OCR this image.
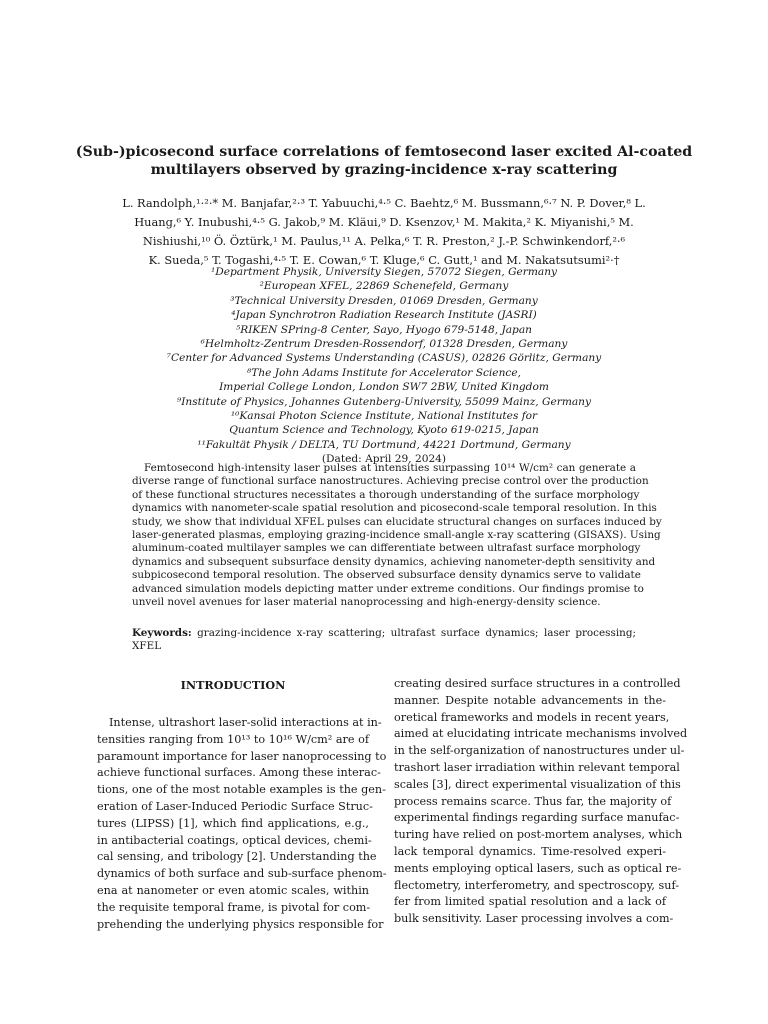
(Sub-)picosecond surface correlations of femtosecond laser excited Al-coated
multilayers observed by grazing-incidence x-ray scattering
L. Randolph,¹·²·* M. Banjafar,²·³ T. Yabuuchi,⁴·⁵ C. Baehtz,⁶ M. Bussmann,⁶·⁷ N. P. Dover,⁸ L.
Huang,⁶ Y. Inubushi,⁴·⁵ G. Jakob,⁹ M. Kläui,⁹ D. Ksenzov,¹ M. Makita,² K. Miyanishi,⁵ M.
Nishiushi,¹⁰ Ö. Öztürk,¹ M. Paulus,¹¹ A. Pelka,⁶ T. R. Preston,² J.-P. Schwinkendorf,²·⁶
K. Sueda,⁵ T. Togashi,⁴·⁵ T. E. Cowan,⁶ T. Kluge,⁶ C. Gutt,¹ and M. Nakatsutsumi²·†
¹Department Physik, University Siegen, 57072 Siegen, Germany
²European XFEL, 22869 Schenefeld, Germany
³Technical University Dresden, 01069 Dresden, Germany
⁴Japan Synchrotron Radiation Research Institute (JASRI)
⁵RIKEN SPring-8 Center, Sayo, Hyogo 679-5148, Japan
⁶Helmholtz-Zentrum Dresden-Rossendorf, 01328 Dresden, Germany
⁷Center for Advanced Systems Understanding (CASUS), 02826 Görlitz, Germany
⁸The John Adams Institute for Accelerator Science,
Imperial College London, London SW7 2BW, United Kingdom
⁹Institute of Physics, Johannes Gutenberg-University, 55099 Mainz, Germany
¹⁰Kansai Photon Science Institute, National Institutes for
Quantum Science and Technology, Kyoto 619-0215, Japan
¹¹Fakultät Physik / DELTA, TU Dortmund, 44221 Dortmund, Germany
(Dated: April 29, 2024)
Femtosecond high-intensity laser pulses at intensities surpassing 10¹⁴ W/cm² can generate a
diverse range of functional surface nanostructures. Achieving precise control over the production
of these functional structures necessitates a thorough understanding of the surface morphology
dynamics with nanometer-scale spatial resolution and picosecond-scale temporal resolution. In this
study, we show that individual XFEL pulses can elucidate structural changes on surfaces induced by
laser-generated plasmas, employing grazing-incidence small-angle x-ray scattering (GISAXS). Using
aluminum-coated multilayer samples we can differentiate between ultrafast surface morphology
dynamics and subsequent subsurface density dynamics, achieving nanometer-depth sensitivity and
subpicosecond temporal resolution. The observed subsurface density dynamics serve to validate
advanced simulation models depicting matter under extreme conditions. Our findings promise to
unveil novel avenues for laser material nanoprocessing and high-energy-density science.
Keywords: grazing-incidence x-ray scattering; ultrafast surface dynamics; laser processing;
XFEL
INTRODUCTION
Intense, ultrashort laser-solid interactions at in-
tensities ranging from 10¹³ to 10¹⁶ W/cm² are of
paramount importance for laser nanoprocessing to
achieve functional surfaces. Among these interac-
tions, one of the most notable examples is the gen-
eration of Laser-Induced Periodic Surface Struc-
tures (LIPSS) [1], which find applications, e.g.,
in antibacterial coatings, optical devices, chemi-
cal sensing, and tribology [2]. Understanding the
dynamics of both surface and sub-surface phenom-
ena at nanometer or even atomic scales, within
the requisite temporal frame, is pivotal for com-
prehending the underlying physics responsible for
creating desired surface structures in a controlled
manner. Despite notable advancements in the-
oretical frameworks and models in recent years,
aimed at elucidating intricate mechanisms involved
in the self-organization of nanostructures under ul-
trashort laser irradiation within relevant temporal
scales [3], direct experimental visualization of this
process remains scarce. Thus far, the majority of
experimental findings regarding surface manufac-
turing have relied on post-mortem analyses, which
lack temporal dynamics. Time-resolved experi-
ments employing optical lasers, such as optical re-
flectometry, interferometry, and spectroscopy, suf-
fer from limited spatial resolution and a lack of
bulk sensitivity. Laser processing involves a com-
